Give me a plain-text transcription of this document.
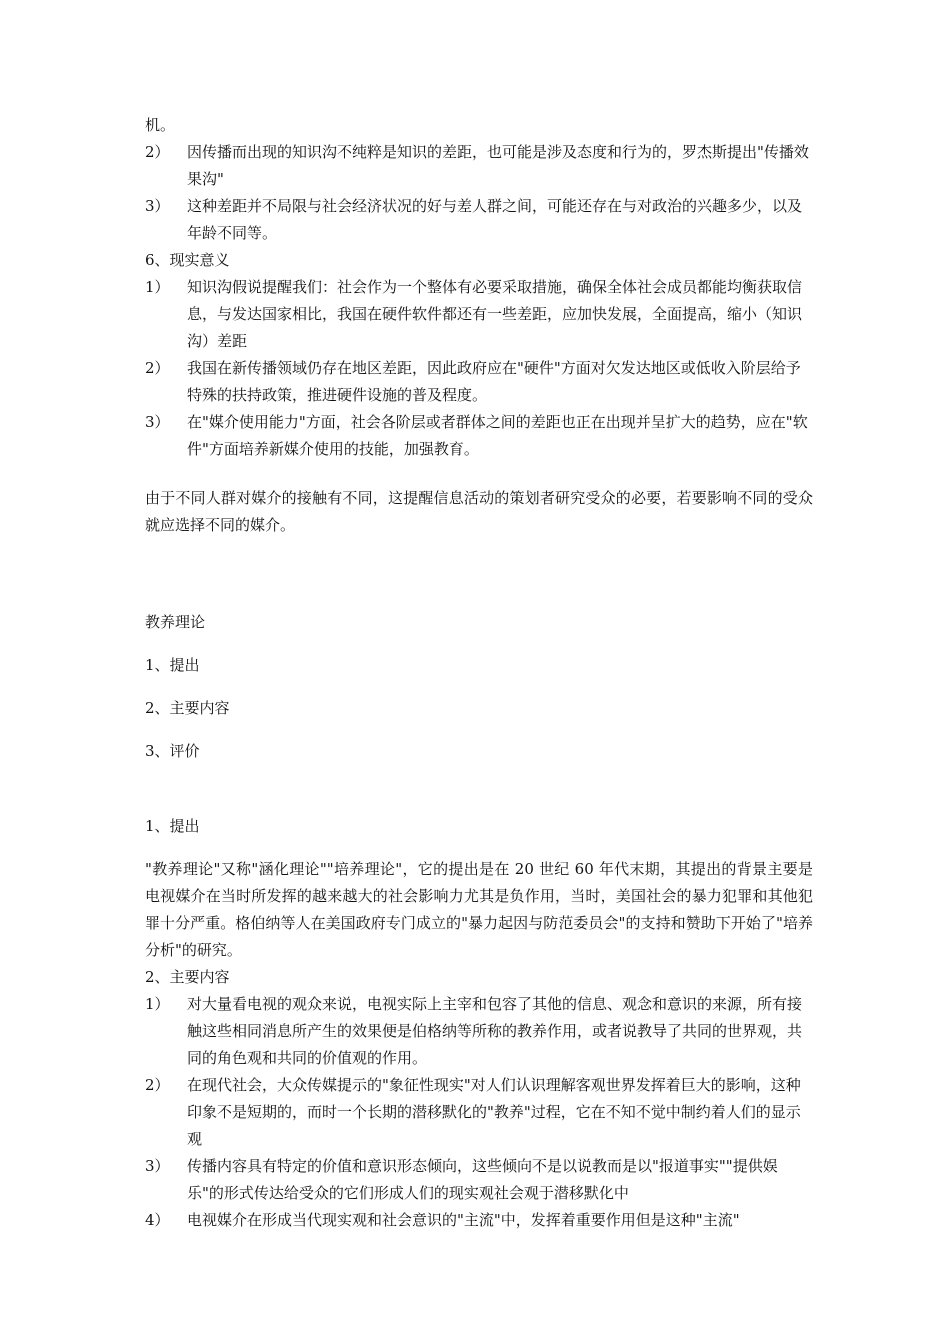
机。

2）	因传播而出现的知识沟不纯粹是知识的差距，也可能是涉及态度和行为的，罗杰斯提出"传播效果沟"
3）	这种差距并不局限与社会经济状况的好与差人群之间，可能还存在与对政治的兴趣多少，以及年龄不同等。

6、现实意义

1）	知识沟假说提醒我们：社会作为一个整体有必要采取措施，确保全体社会成员都能均衡获取信息，与发达国家相比，我国在硬件软件都还有一些差距，应加快发展，全面提高，缩小（知识沟）差距
2）	我国在新传播领域仍存在地区差距，因此政府应在"硬件"方面对欠发达地区或低收入阶层给予特殊的扶持政策，推进硬件设施的普及程度。
3）	在"媒介使用能力"方面，社会各阶层或者群体之间的差距也正在出现并呈扩大的趋势，应在"软件"方面培养新媒介使用的技能，加强教育。

由于不同人群对媒介的接触有不同，这提醒信息活动的策划者研究受众的必要，若要影响不同的受众就应选择不同的媒介。

教养理论

1、提出

2、主要内容

3、评价

1、提出

"教养理论"又称"涵化理论""培养理论"，它的提出是在 20 世纪 60 年代末期，其提出的背景主要是电视媒介在当时所发挥的越来越大的社会影响力尤其是负作用，当时，美国社会的暴力犯罪和其他犯罪十分严重。格伯纳等人在美国政府专门成立的"暴力起因与防范委员会"的支持和赞助下开始了"培养分析"的研究。

2、主要内容

1）	对大量看电视的观众来说，电视实际上主宰和包容了其他的信息、观念和意识的来源，所有接触这些相同消息所产生的效果便是伯格纳等所称的教养作用，或者说教导了共同的世界观，共同的角色观和共同的价值观的作用。
2）	在现代社会，大众传媒提示的"象征性现实"对人们认识理解客观世界发挥着巨大的影响，这种印象不是短期的，而时一个长期的潜移默化的"教养"过程，它在不知不觉中制约着人们的显示观
3）	传播内容具有特定的价值和意识形态倾向，这些倾向不是以说教而是以"报道事实""提供娱乐"的形式传达给受众的它们形成人们的现实观社会观于潜移默化中
4）	电视媒介在形成当代现实观和社会意识的"主流"中，发挥着重要作用但是这种"主流"
